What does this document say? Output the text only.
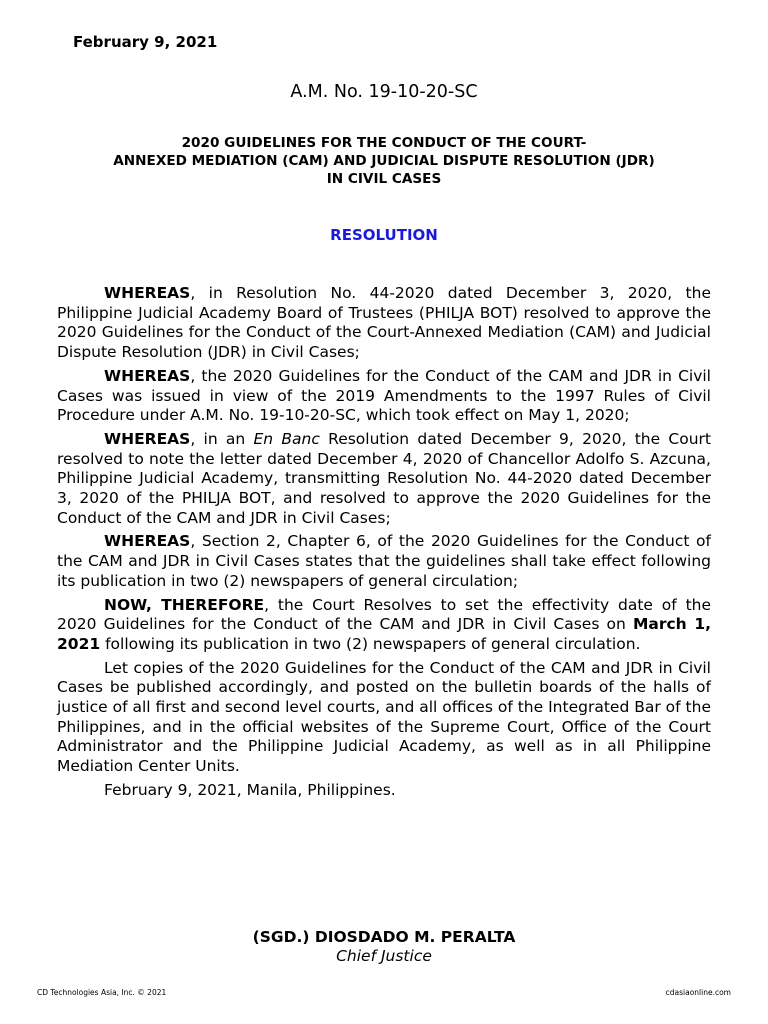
February 9, 2021
A.M. No. 19-10-20-SC
2020 GUIDELINES FOR THE CONDUCT OF THE COURT-
ANNEXED MEDIATION (CAM) AND JUDICIAL DISPUTE RESOLUTION (JDR)
IN CIVIL CASES
RESOLUTION

WHEREAS, in Resolution No. 44-2020 dated December 3, 2020, the Philippine Judicial Academy Board of Trustees (PHILJA BOT) resolved to approve the 2020 Guidelines for the Conduct of the Court-Annexed Mediation (CAM) and Judicial Dispute Resolution (JDR) in Civil Cases;

WHEREAS, the 2020 Guidelines for the Conduct of the CAM and JDR in Civil Cases was issued in view of the 2019 Amendments to the 1997 Rules of Civil Procedure under A.M. No. 19-10-20-SC, which took effect on May 1, 2020;

WHEREAS, in an En Banc Resolution dated December 9, 2020, the Court resolved to note the letter dated December 4, 2020 of Chancellor Adolfo S. Azcuna, Philippine Judicial Academy, transmitting Resolution No. 44-2020 dated December 3, 2020 of the PHILJA BOT, and resolved to approve the 2020 Guidelines for the Conduct of the CAM and JDR in Civil Cases;

WHEREAS, Section 2, Chapter 6, of the 2020 Guidelines for the Conduct of the CAM and JDR in Civil Cases states that the guidelines shall take effect following its publication in two (2) newspapers of general circulation;

NOW, THEREFORE, the Court Resolves to set the effectivity date of the 2020 Guidelines for the Conduct of the CAM and JDR in Civil Cases on March 1, 2021 following its publication in two (2) newspapers of general circulation.

Let copies of the 2020 Guidelines for the Conduct of the CAM and JDR in Civil Cases be published accordingly, and posted on the bulletin boards of the halls of justice of all first and second level courts, and all offices of the Integrated Bar of the Philippines, and in the official websites of the Supreme Court, Office of the Court Administrator and the Philippine Judicial Academy, as well as in all Philippine Mediation Center Units.

February 9, 2021, Manila, Philippines.

(SGD.) DIOSDADO M. PERALTA
Chief Justice
CD Technologies Asia, Inc. © 2021	cdasiaonline.com
